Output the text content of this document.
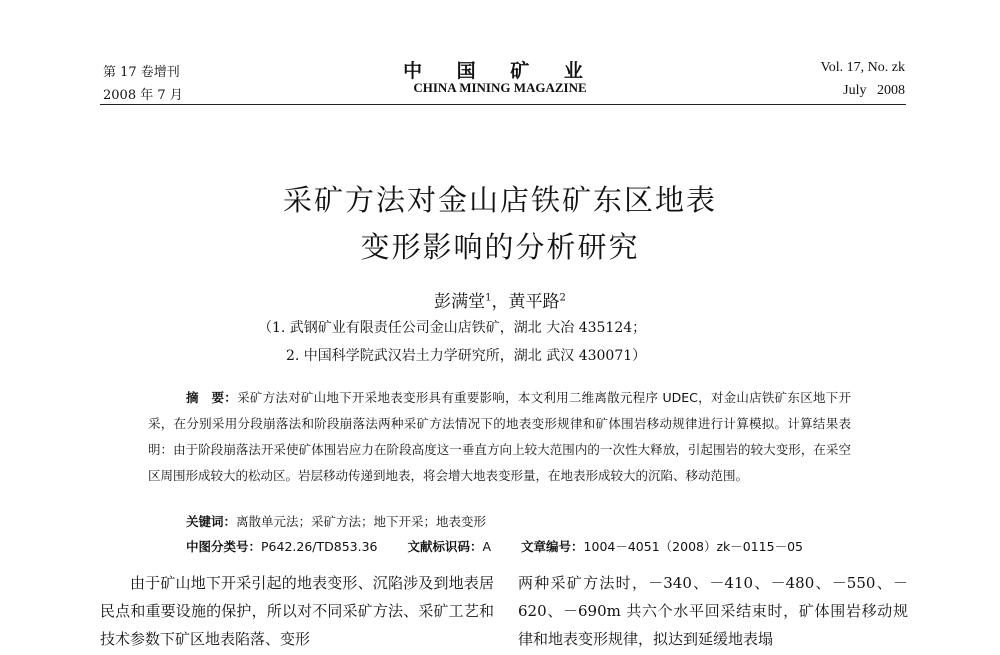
第 17 卷增刊
2008 年 7 月
中 国 矿 业
CHINA MINING MAGAZINE
Vol. 17, No. zk
July   2008
采矿方法对金山店铁矿东区地表
变形影响的分析研究
彭满堂$^1$，黄平路$^2$
（1. 武钢矿业有限责任公司金山店铁矿，湖北 大冶 435124；
2. 中国科学院武汉岩土力学研究所，湖北 武汉 430071）
摘　要：采矿方法对矿山地下开采地表变形具有重要影响，本文利用二维离散元程序 UDEC，对金山店铁矿东区地下开采，在分别采用分段崩落法和阶段崩落法两种采矿方法情况下的地表变形规律和矿体围岩移动规律进行计算模拟。计算结果表明：由于阶段崩落法开采使矿体围岩应力在阶段高度这一垂直方向上较大范围内的一次性大释放，引起围岩的较大变形，在采空区周围形成较大的松动区。岩层移动传递到地表，将会增大地表变形量，在地表形成较大的沉陷、移动范围。
关键词：离散单元法；采矿方法；地下开采；地表变形
中图分类号：P642.26/TD853.36 文献标识码：A 文章编号：1004－4051（2008）zk－0115－05
由于矿山地下开采引起的地表变形、沉陷涉及到地表居民点和重要设施的保护，所以对不同采矿方法、采矿工艺和技术参数下矿区地表陷落、变形
两种采矿方法时，－340、－410、－480、－550、－620、－690m 共六个水平回采结束时，矿体围岩移动规律和地表变形规律，拟达到延缓地表塌
